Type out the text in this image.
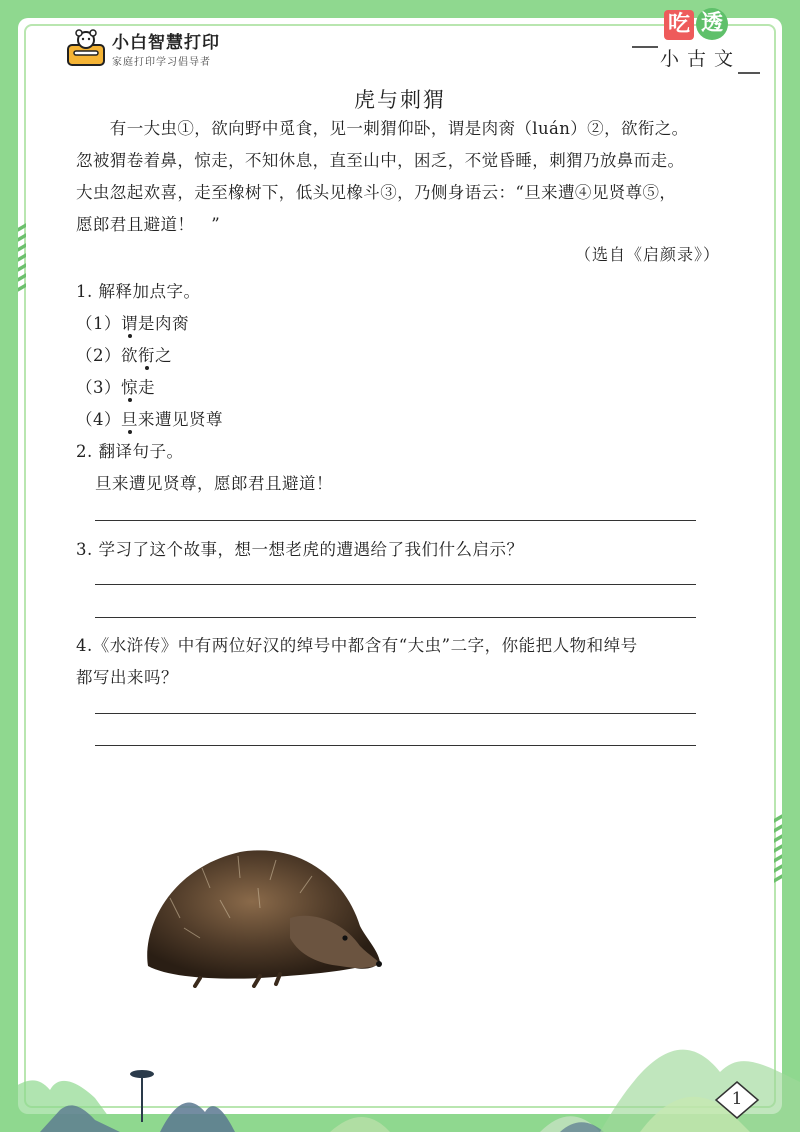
小白智慧打印
家庭打印学习倡导者
吃 透
小古文
虎与刺猬

　　有一大虫①，欲向野中觅食，见一刺猬仰卧，谓是肉脔（luán）②，欲衔之。

忽被猬卷着鼻，惊走，不知休息，直至山中，困乏，不觉昏睡，刺猬乃放鼻而走。

大虫忽起欢喜，走至橡树下，低头见橡斗③，乃侧身语云：“旦来遭④见贤尊⑤，

愿郎君且避道！　”

（选自《启颜录》）
1. 解释加点字。
（1）谓是肉脔
（2）欲衔之
（3）惊走
（4）旦来遭见贤尊
2. 翻译句子。
旦来遭见贤尊，愿郎君且避道！
3. 学习了这个故事，想一想老虎的遭遇给了我们什么启示？
4.《水浒传》中有两位好汉的绰号中都含有“大虫”二字，你能把人物和绰号
都写出来吗？
1
